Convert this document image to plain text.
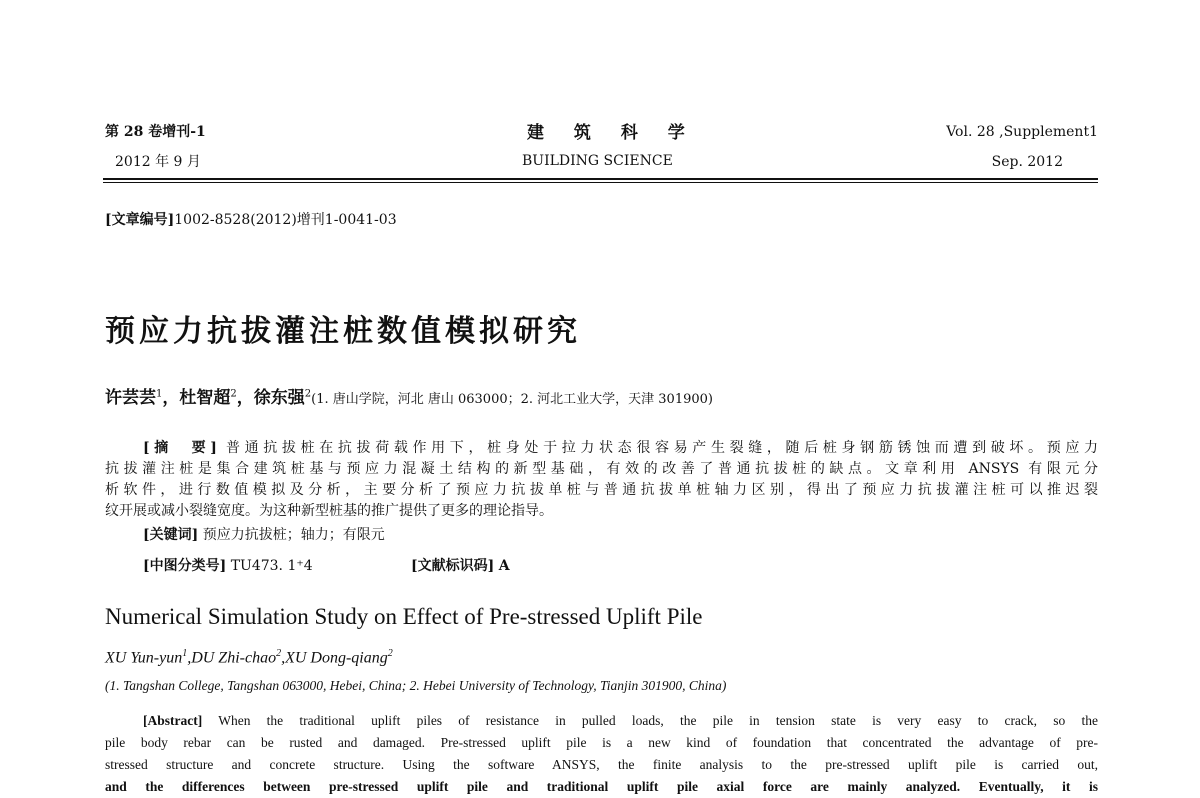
第 28 卷增刊-1
2012 年 9 月
建 筑 科 学
BUILDING SCIENCE
Vol. 28 ,Supplement1
Sep. 2012
[文章编号]1002-8528(2012)增刊1-0041-03
预应力抗拔灌注桩数值模拟研究
许芸芸$^1$，杜智超$^2$，徐东强$^2$(1. 唐山学院，河北 唐山 063000；2. 河北工业大学，天津 301900)
[摘　要] 普通抗拔桩在抗拔荷载作用下，桩身处于拉力状态很容易产生裂缝，随后桩身钢筋锈蚀而遭到破坏。预应力
抗拔灌注桩是集合建筑桩基与预应力混凝土结构的新型基础，有效的改善了普通抗拔桩的缺点。文章利用 ANSYS 有限元分
析软件，进行数值模拟及分析，主要分析了预应力抗拔单桩与普通抗拔单桩轴力区别，得出了预应力抗拔灌注桩可以推迟裂
纹开展或减小裂缝宽度。为这种新型桩基的推广提供了更多的理论指导。
[关键词] 预应力抗拔桩；轴力；有限元
[中图分类号] TU473. 1⁺4	[文献标识码] A
Numerical Simulation Study on Effect of Pre-stressed Uplift Pile
XU Yun-yun$^1$,DU Zhi-chao$^2$,XU Dong-qiang$^2$
(1. Tangshan College, Tangshan 063000, Hebei, China; 2. Hebei University of Technology, Tianjin 301900, China)
[Abstract] When the traditional uplift piles of resistance in pulled loads, the pile in tension state is very easy to crack, so the
pile body rebar can be rusted and damaged. Pre-stressed uplift pile is a new kind of foundation that concentrated the advantage of pre-
stressed structure and concrete structure. Using the software ANSYS, the finite analysis to the pre-stressed uplift pile is carried out,
and the differences between pre-stressed uplift pile and traditional uplift pile axial force are mainly analyzed. Eventually, it is
